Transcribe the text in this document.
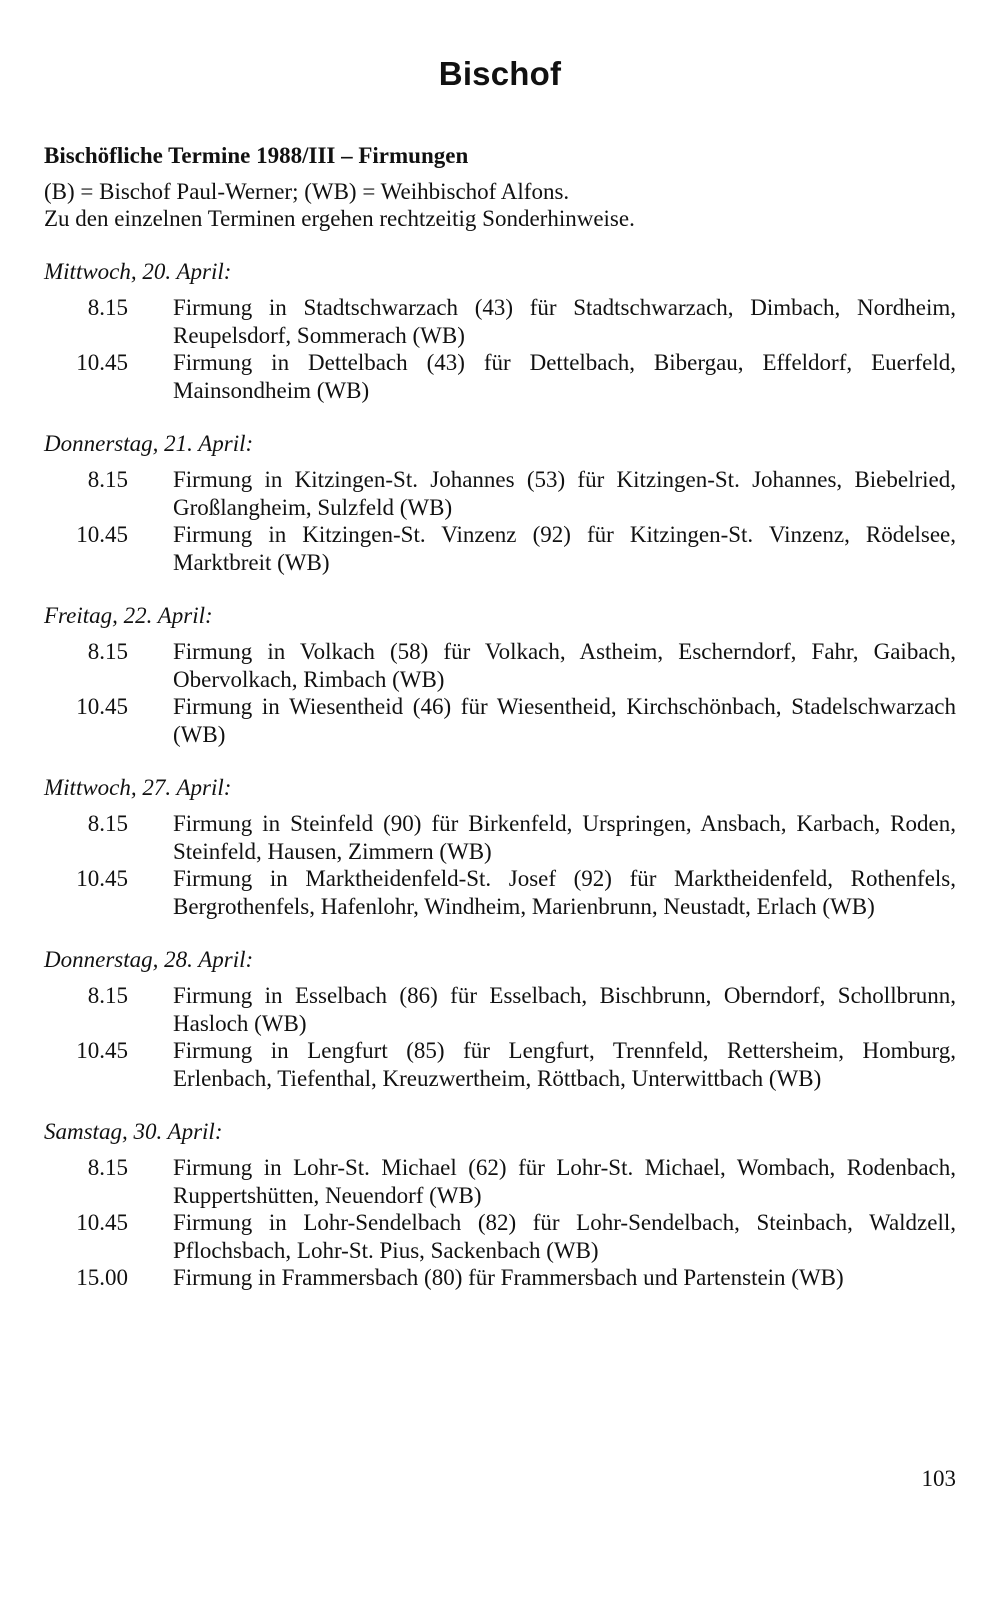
Bischof
Bischöfliche Termine 1988/III – Firmungen
(B) = Bischof Paul-Werner; (WB) = Weihbischof Alfons.
Zu den einzelnen Terminen ergehen rechtzeitig Sonderhinweise.
Mittwoch, 20. April:
8.15 Firmung in Stadtschwarzach (43) für Stadtschwarzach, Dimbach, Nordheim, Reupelsdorf, Sommerach (WB)
10.45 Firmung in Dettelbach (43) für Dettelbach, Bibergau, Effeldorf, Euerfeld, Mainsondheim (WB)
Donnerstag, 21. April:
8.15 Firmung in Kitzingen-St. Johannes (53) für Kitzingen-St. Johannes, Biebelried, Großlangheim, Sulzfeld (WB)
10.45 Firmung in Kitzingen-St. Vinzenz (92) für Kitzingen-St. Vinzenz, Rödelsee, Marktbreit (WB)
Freitag, 22. April:
8.15 Firmung in Volkach (58) für Volkach, Astheim, Escherndorf, Fahr, Gaibach, Obervolkach, Rimbach (WB)
10.45 Firmung in Wiesentheid (46) für Wiesentheid, Kirchschönbach, Stadelschwarzach (WB)
Mittwoch, 27. April:
8.15 Firmung in Steinfeld (90) für Birkenfeld, Urspringen, Ansbach, Karbach, Roden, Steinfeld, Hausen, Zimmern (WB)
10.45 Firmung in Marktheidenfeld-St. Josef (92) für Marktheidenfeld, Rothenfels, Bergrothenfels, Hafenlohr, Windheim, Marienbrunn, Neustadt, Erlach (WB)
Donnerstag, 28. April:
8.15 Firmung in Esselbach (86) für Esselbach, Bischbrunn, Oberndorf, Schollbrunn, Hasloch (WB)
10.45 Firmung in Lengfurt (85) für Lengfurt, Trennfeld, Rettersheim, Homburg, Erlenbach, Tiefenthal, Kreuzwertheim, Röttbach, Unterwittbach (WB)
Samstag, 30. April:
8.15 Firmung in Lohr-St. Michael (62) für Lohr-St. Michael, Wombach, Rodenbach, Ruppertshütten, Neuendorf (WB)
10.45 Firmung in Lohr-Sendelbach (82) für Lohr-Sendelbach, Steinbach, Waldzell, Pflochsbach, Lohr-St. Pius, Sackenbach (WB)
15.00 Firmung in Frammersbach (80) für Frammersbach und Partenstein (WB)
103
